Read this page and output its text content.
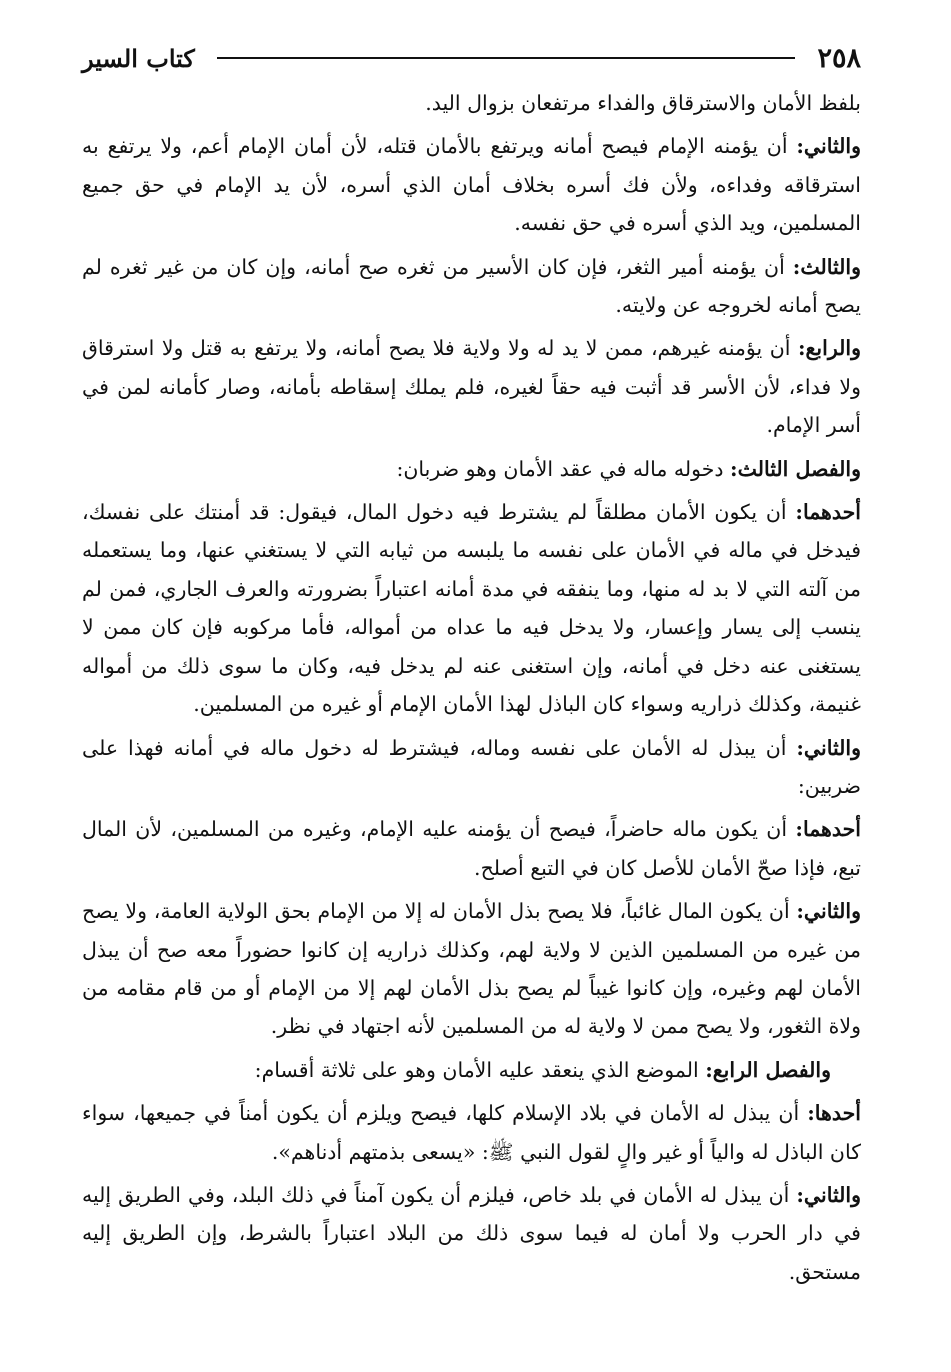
٢٥٨
كتاب السير

بلفظ الأمان والاسترقاق والفداء مرتفعان بزوال اليد.

والثاني: أن يؤمنه الإمام فيصح أمانه ويرتفع بالأمان قتله، لأن أمان الإمام أعم، ولا يرتفع به استرقاقه وفداءه، ولأن فك أسره بخلاف أمان الذي أسره، لأن يد الإمام في حق جميع المسلمين، ويد الذي أسره في حق نفسه.

والثالث: أن يؤمنه أمير الثغر، فإن كان الأسير من ثغره صح أمانه، وإن كان من غير ثغره لم يصح أمانه لخروجه عن ولايته.

والرابع: أن يؤمنه غيرهم، ممن لا يد له ولا ولاية فلا يصح أمانه، ولا يرتفع به قتل ولا استرقاق ولا فداء، لأن الأسر قد أثبت فيه حقاً لغيره، فلم يملك إسقاطه بأمانه، وصار كأمانه لمن في أسر الإمام.

والفصل الثالث: دخوله ماله في عقد الأمان وهو ضربان:

أحدهما: أن يكون الأمان مطلقاً لم يشترط فيه دخول المال، فيقول: قد أمنتك على نفسك، فيدخل في ماله في الأمان على نفسه ما يلبسه من ثيابه التي لا يستغني عنها، وما يستعمله من آلته التي لا بد له منها، وما ينفقه في مدة أمانه اعتباراً بضرورته والعرف الجاري، فمن لم ينسب إلى يسار وإعسار، ولا يدخل فيه ما عداه من أمواله، فأما مركوبه فإن كان ممن لا يستغنى عنه دخل في أمانه، وإن استغنى عنه لم يدخل فيه، وكان ما سوى ذلك من أمواله غنيمة، وكذلك ذراريه وسواء كان الباذل لهذا الأمان الإمام أو غيره من المسلمين.

والثاني: أن يبذل له الأمان على نفسه وماله، فيشترط له دخول ماله في أمانه فهذا على ضربين:

أحدهما: أن يكون ماله حاضراً، فيصح أن يؤمنه عليه الإمام، وغيره من المسلمين، لأن المال تبع، فإذا صحّ الأمان للأصل كان في التبع أصلح.

والثاني: أن يكون المال غائباً، فلا يصح بذل الأمان له إلا من الإمام بحق الولاية العامة، ولا يصح من غيره من المسلمين الذين لا ولاية لهم، وكذلك ذراريه إن كانوا حضوراً معه صح أن يبذل الأمان لهم وغيره، وإن كانوا غيباً لم يصح بذل الأمان لهم إلا من الإمام أو من قام مقامه من ولاة الثغور، ولا يصح ممن لا ولاية له من المسلمين لأنه اجتهاد في نظر.

والفصل الرابع: الموضع الذي ينعقد عليه الأمان وهو على ثلاثة أقسام:

أحدها: أن يبذل له الأمان في بلاد الإسلام كلها، فيصح ويلزم أن يكون أمناً في جميعها، سواء كان الباذل له والياً أو غير والٍ لقول النبي ﷺ: «يسعى بذمتهم أدناهم».

والثاني: أن يبذل له الأمان في بلد خاص، فيلزم أن يكون آمناً في ذلك البلد، وفي الطريق إليه في دار الحرب ولا أمان له فيما سوى ذلك من البلاد اعتباراً بالشرط، وإن الطريق إليه مستحق.
